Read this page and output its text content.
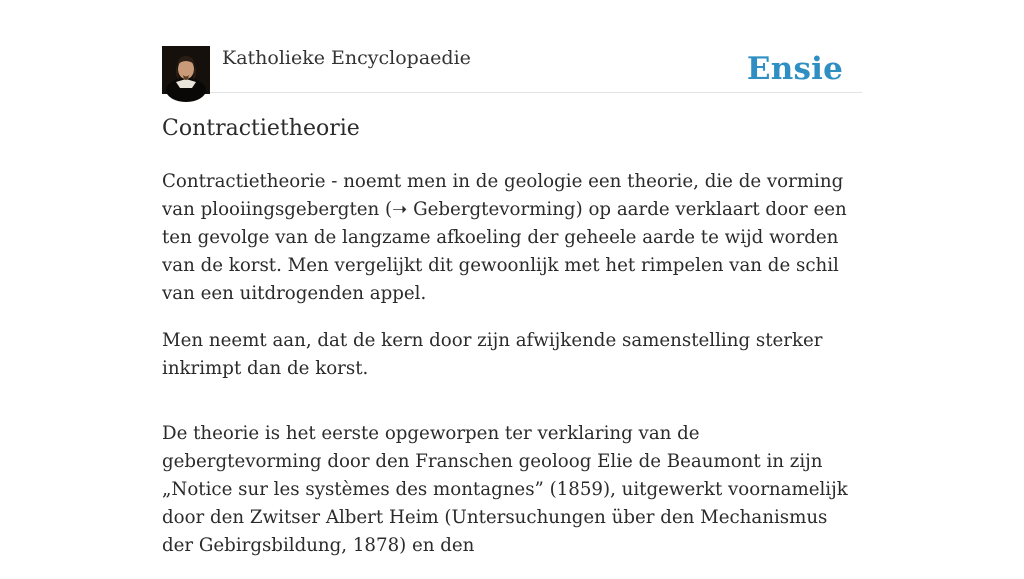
Katholieke Encyclopaedie	Ensie
Contractietheorie

Contractietheorie - noemt men in de geologie een theorie, die de vorming van plooiingsgebergten (➝ Gebergtevorming) op aarde verklaart door een ten gevolge van de langzame afkoeling der geheele aarde te wijd worden van de korst. Men vergelijkt dit gewoonlijk met het rimpelen van de schil van een uitdrogenden appel.

Men neemt aan, dat de kern door zijn afwijkende samenstelling sterker inkrimpt dan de korst.

De theorie is het eerste opgeworpen ter verklaring van de gebergtevorming door den Franschen geoloog Elie de Beaumont in zijn „Notice sur les systèmes des montagnes” (1859), uitgewerkt voornamelijk door den Zwitser Albert Heim (Untersuchungen über den Mechanismus der Gebirgsbildung, 1878) en den
